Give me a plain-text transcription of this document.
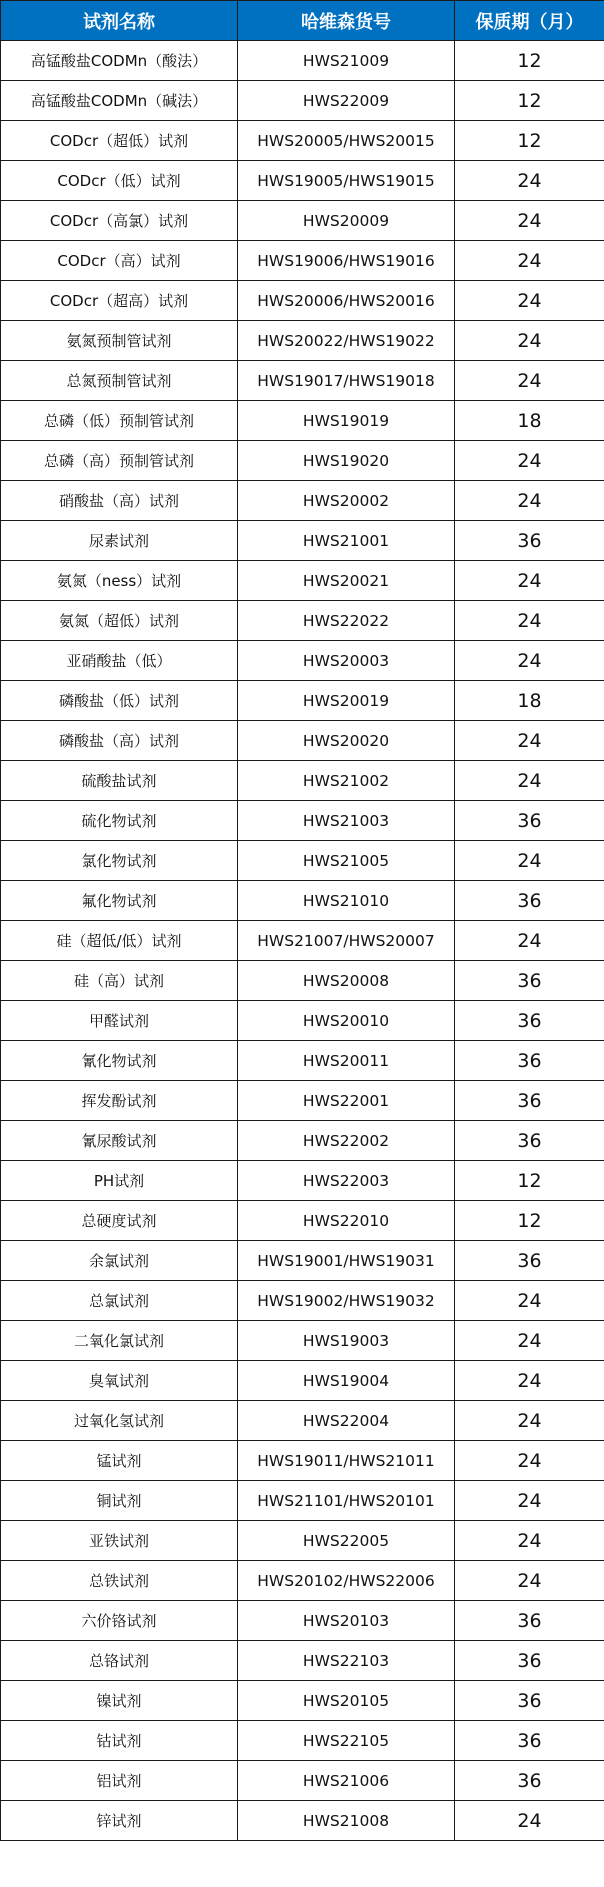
试剂名称	哈维森货号	保质期（月）
高锰酸盐CODMn（酸法）	HWS21009	12
高锰酸盐CODMn（碱法）	HWS22009	12
CODcr（超低）试剂	HWS20005/HWS20015	12
CODcr（低）试剂	HWS19005/HWS19015	24
CODcr（高氯）试剂	HWS20009	24
CODcr（高）试剂	HWS19006/HWS19016	24
CODcr（超高）试剂	HWS20006/HWS20016	24
氨氮预制管试剂	HWS20022/HWS19022	24
总氮预制管试剂	HWS19017/HWS19018	24
总磷（低）预制管试剂	HWS19019	18
总磷（高）预制管试剂	HWS19020	24
硝酸盐（高）试剂	HWS20002	24
尿素试剂	HWS21001	36
氨氮（ness）试剂	HWS20021	24
氨氮（超低）试剂	HWS22022	24
亚硝酸盐（低）	HWS20003	24
磷酸盐（低）试剂	HWS20019	18
磷酸盐（高）试剂	HWS20020	24
硫酸盐试剂	HWS21002	24
硫化物试剂	HWS21003	36
氯化物试剂	HWS21005	24
氟化物试剂	HWS21010	36
硅（超低/低）试剂	HWS21007/HWS20007	24
硅（高）试剂	HWS20008	36
甲醛试剂	HWS20010	36
氰化物试剂	HWS20011	36
挥发酚试剂	HWS22001	36
氰尿酸试剂	HWS22002	36
PH试剂	HWS22003	12
总硬度试剂	HWS22010	12
余氯试剂	HWS19001/HWS19031	36
总氯试剂	HWS19002/HWS19032	24
二氧化氯试剂	HWS19003	24
臭氧试剂	HWS19004	24
过氧化氢试剂	HWS22004	24
锰试剂	HWS19011/HWS21011	24
铜试剂	HWS21101/HWS20101	24
亚铁试剂	HWS22005	24
总铁试剂	HWS20102/HWS22006	24
六价铬试剂	HWS20103	36
总铬试剂	HWS22103	36
镍试剂	HWS20105	36
钴试剂	HWS22105	36
铝试剂	HWS21006	36
锌试剂	HWS21008	24
